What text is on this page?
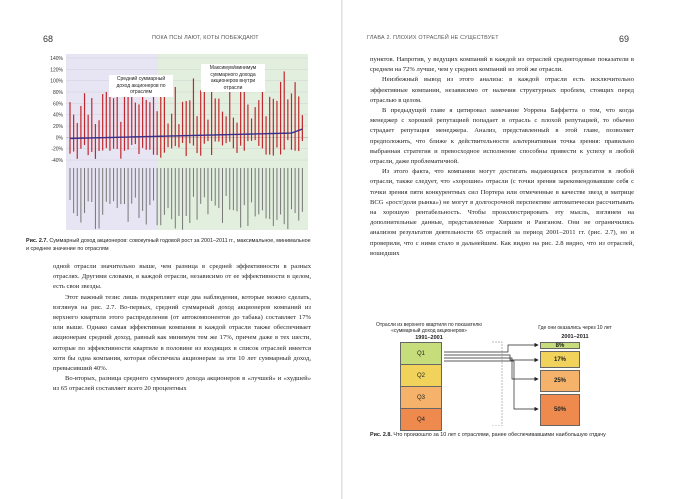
68	ПОКА ПСЫ ЛАЮТ, КОТЫ ПОБЕЖДАЮТ
140%
120%
100%
80%
60%
40%
20%
0%
-20%
-40%
Средний суммарный доход акционеров по отраслям
Максимум/минимум суммарного дохода акционеров внутри отрасли
Рис. 2.7. Суммарный доход акционеров: совокупный годовой рост за 2001–2011 гг., максимальное, минимальное и среднее значение по отраслям

одной отрасли значительно выше, чем разница в средней эффективности в разных отраслях. Другими словами, в каждой отрасли, независимо от ее эффективности в целом, есть свои звезды.

Этот важный тезис лишь подкрепляет еще два наблюдения, которые можно сделать, взглянув на рис. 2.7. Во-первых, средний суммарный доход акционеров компаний из верхнего квартиля этого распределения (от автокомпонентов до табака) составляет 17% или выше. Однако самая эффективная компания в каждой отрасли также обеспечивает акционерам средний доход, равный как минимум тем же 17%, причем даже в тех шести, которые по эффективности квартиле в половине из входящих в список отраслей имеется хотя бы одна компания, которая обеспечила акционерам за эти 10 лет суммарный доход, превысивший 40%.

Во-вторых, разница среднего суммарного дохода акционеров в «лучшей» и «худшей» из 65 отраслей составляет всего 20 процентных

ГЛАВА 2. ПЛОХИХ ОТРАСЛЕЙ НЕ СУЩЕСТВУЕТ	69

пунктов. Напротив, у ведущих компаний в каждой из отраслей среднегодовые показатели в среднем на 72% лучше, чем у средних компаний из этой же отрасли.

Неизбежный вывод из этого анализа: в каждой отрасли есть исключительно эффективные компании, независимо от наличия структурных проблем, стоящих перед отраслью в целом.

В предыдущей главе я цитировал замечание Уоррена Баффетта о том, что когда менеджер с хорошей репутацией попадает в отрасль с плохой репутацией, то обычно страдает репутация менеджера. Анализ, представленный в этой главе, позволяет предположить, что ближе к действительности альтернативная точка зрения: правильно выбранная стратегия и превосходное исполнение способны привести к успеху в любой отрасли, даже проблематичной.

Из этого факта, что компании могут достигать выдающихся результатов в любой отрасли, также следует, что «хорошие» отрасли (с точки зрения зарекомендовавшие себя с точки зрения пяти конкурентных сил Портера или отмеченные в качестве звезд в матрице BCG «рост/доля рынка») не могут в долгосрочной перспективе автоматически рассчитывать на хорошую рентабельность. Чтобы проиллюстрировать эту мысль, взглянем на дополнительные данные, представленные Хиршем и Ранганом. Они не ограничились анализом результатов деятельности 65 отраслей за период 2001–2011 гг. (рис. 2.7), но и проверили, что с ними стало в дальнейшем. Как видно на рис. 2.8 видно, что из отраслей, вошедших

Отрасли из верхнего квартиля по показателю «суммарный доход акционеров»
1991–2001
Где они оказались через 10 лет
2001–2011
Q1
Q2
Q3
Q4
8%
17%
25%
50%
Рис. 2.8. Что произошло за 10 лет с отраслями, ранее обеспечивавшими наибольшую отдачу
